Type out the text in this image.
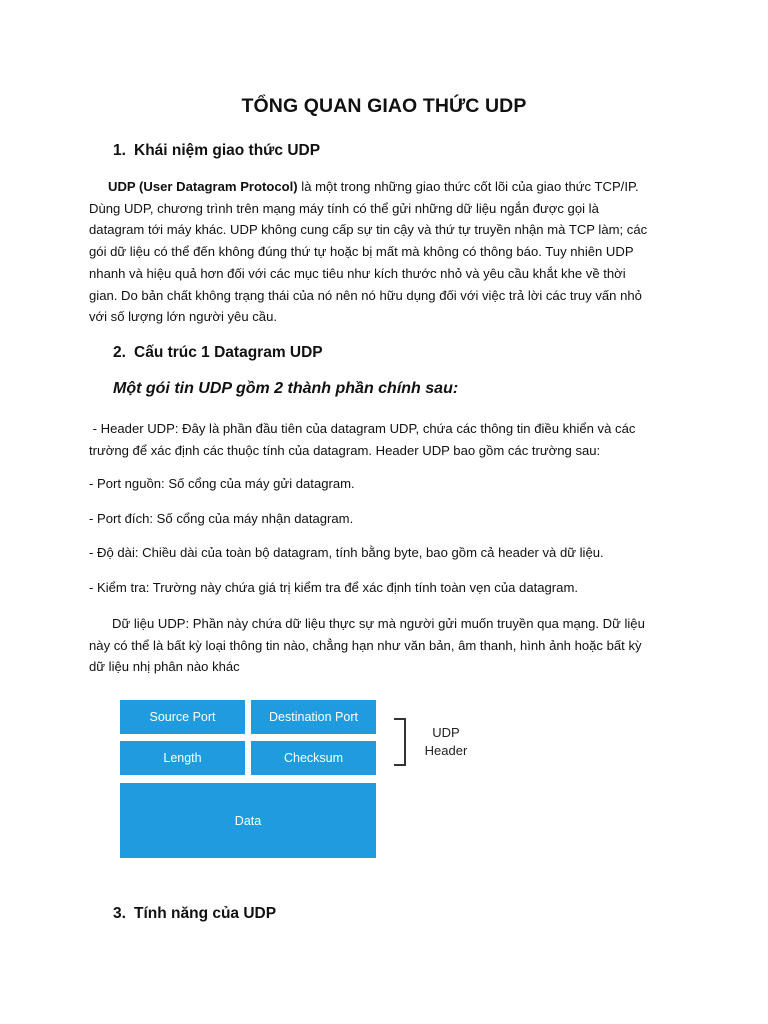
TỔNG QUAN GIAO THỨC UDP
1. Khái niệm giao thức UDP
UDP (User Datagram Protocol) là một trong những giao thức cốt lõi của giao thức TCP/IP.
Dùng UDP, chương trình trên mạng máy tính có thể gửi những dữ liệu ngắn được gọi là
datagram tới máy khác. UDP không cung cấp sự tin cậy và thứ tự truyền nhận mà TCP làm; các
gói dữ liệu có thể đến không đúng thứ tự hoặc bị mất mà không có thông báo. Tuy nhiên UDP
nhanh và hiệu quả hơn đối với các mục tiêu như kích thước nhỏ và yêu cầu khắt khe về thời
gian. Do bản chất không trạng thái của nó nên nó hữu dụng đối với việc trả lời các truy vấn nhỏ
với số lượng lớn người yêu cầu.
2. Cấu trúc 1 Datagram UDP
Một gói tin UDP gồm 2 thành phần chính sau:
- Header UDP: Đây là phần đầu tiên của datagram UDP, chứa các thông tin điều khiển và các
trường để xác định các thuộc tính của datagram. Header UDP bao gồm các trường sau:
- Port nguồn: Số cổng của máy gửi datagram.
- Port đích: Số cổng của máy nhận datagram.
- Độ dài: Chiều dài của toàn bộ datagram, tính bằng byte, bao gồm cả header và dữ liệu.
- Kiểm tra: Trường này chứa giá trị kiểm tra để xác định tính toàn vẹn của datagram.
Dữ liệu UDP: Phần này chứa dữ liệu thực sự mà người gửi muốn truyền qua mạng. Dữ liệu
này có thể là bất kỳ loại thông tin nào, chẳng hạn như văn bản, âm thanh, hình ảnh hoặc bất kỳ
dữ liệu nhị phân nào khác
Source Port	Destination Port
Length	Checksum
Data
UDP
Header
3. Tính năng của UDP
